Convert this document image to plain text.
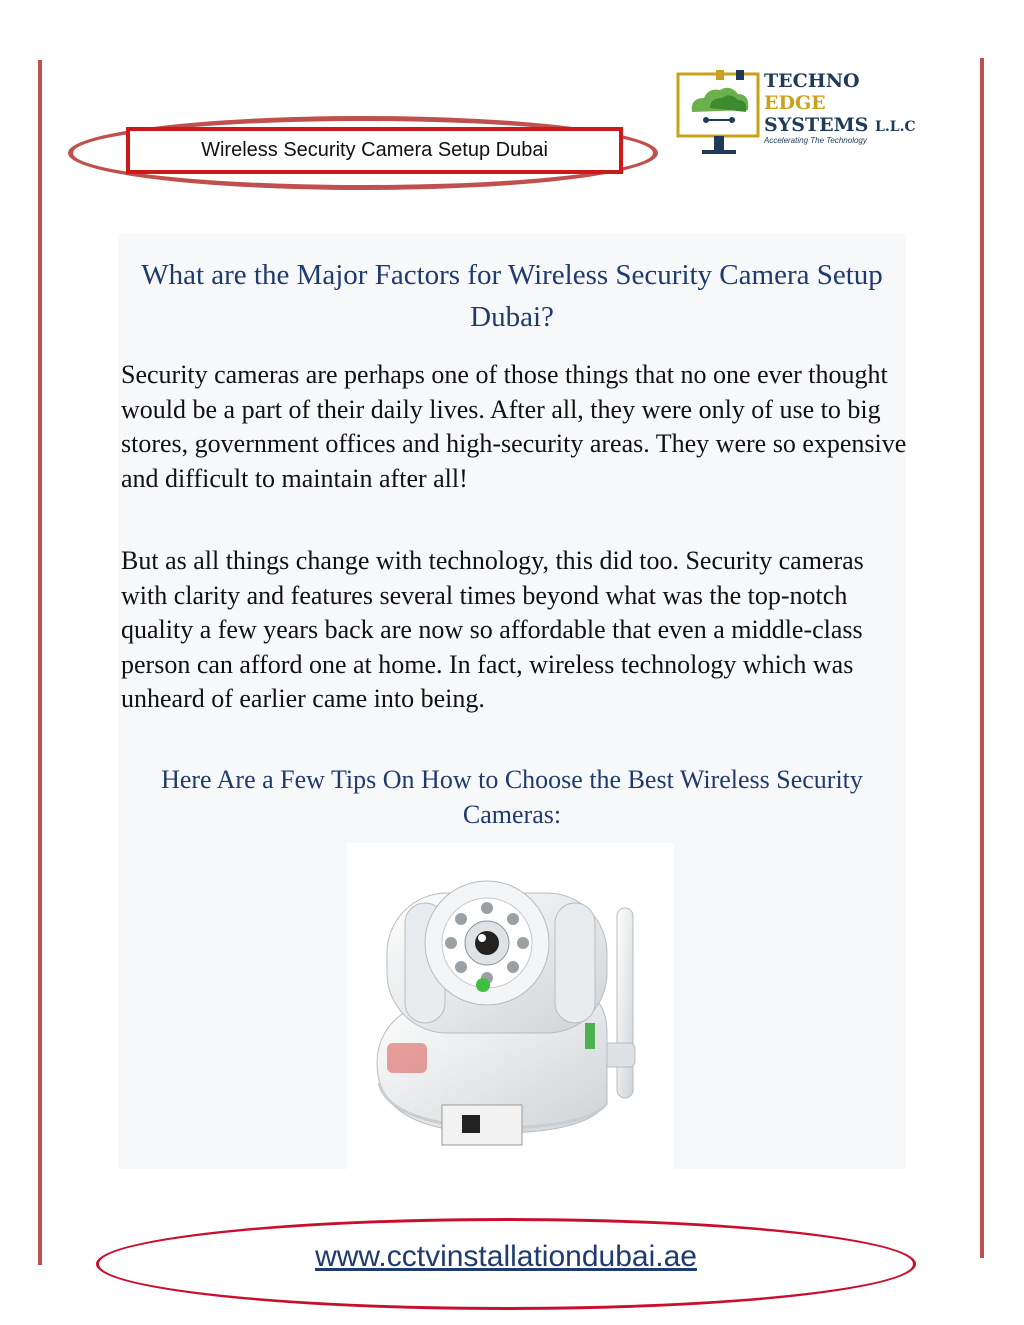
Wireless Security Camera Setup Dubai
TECHNO
EDGE
SYSTEMS L.L.C
Accelerating The Technology
What are the Major Factors for Wireless Security Camera Setup Dubai?
Security cameras are perhaps one of those things that no one ever thought would be a part of their daily lives. After all, they were only of use to big stores, government offices and high-security areas. They were so expensive and difficult to maintain after all!
But as all things change with technology, this did too. Security cameras with clarity and features several times beyond what was the top-notch quality a few years back are now so affordable that even a middle-class person can afford one at home. In fact, wireless technology which was unheard of earlier came into being.
Here Are a Few Tips On How to Choose the Best Wireless Security Cameras:
www.cctvinstallationdubai.ae
